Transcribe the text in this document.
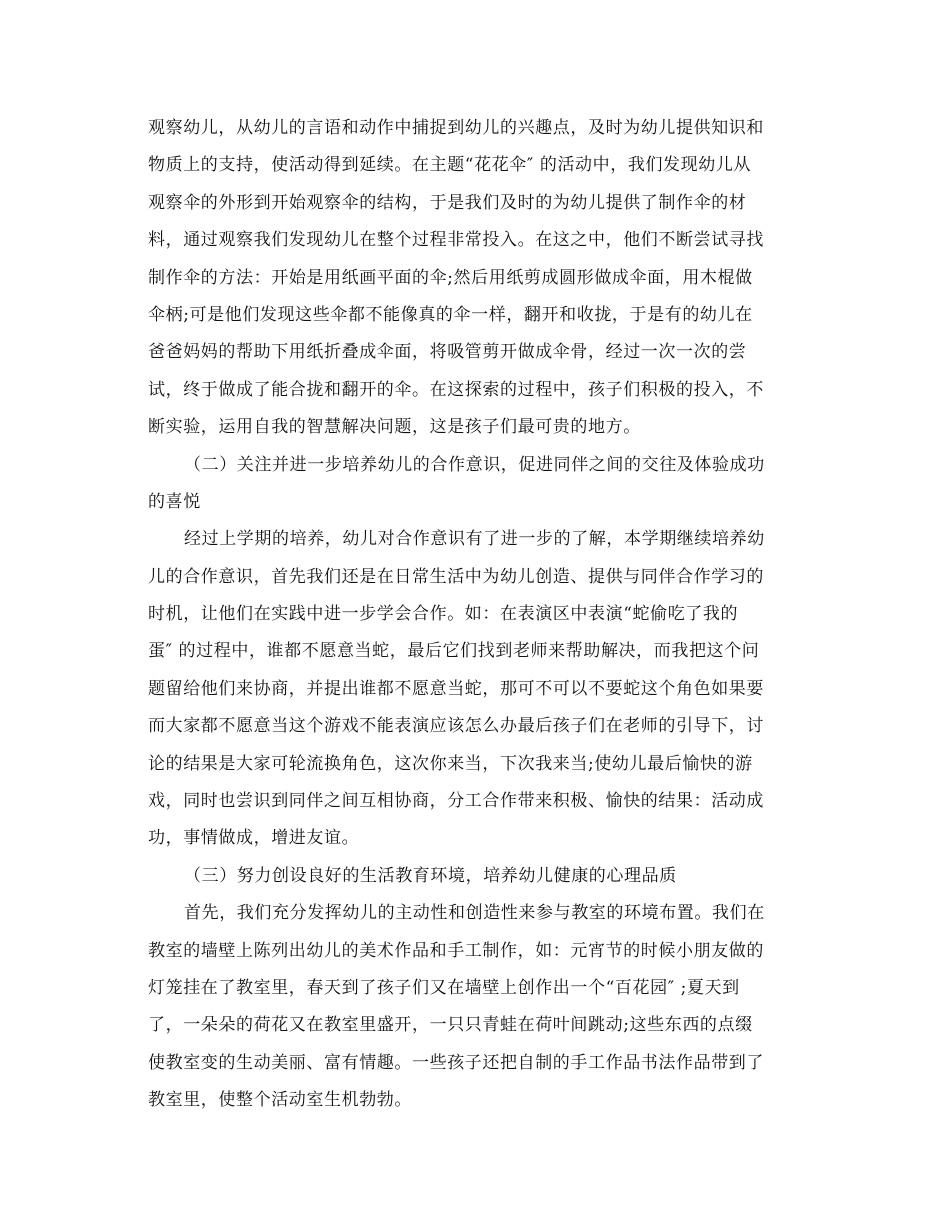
观察幼儿，从幼儿的言语和动作中捕捉到幼儿的兴趣点，及时为幼儿提供知识和
物质上的支持，使活动得到延续。在主题“花花伞″ 的活动中，我们发现幼儿从
观察伞的外形到开始观察伞的结构，于是我们及时的为幼儿提供了制作伞的材
料，通过观察我们发现幼儿在整个过程非常投入。在这之中，他们不断尝试寻找
制作伞的方法：开始是用纸画平面的伞;然后用纸剪成圆形做成伞面，用木棍做
伞柄;可是他们发现这些伞都不能像真的伞一样，翻开和收拢，于是有的幼儿在
爸爸妈妈的帮助下用纸折叠成伞面，将吸管剪开做成伞骨，经过一次一次的尝
试，终于做成了能合拢和翻开的伞。在这探索的过程中，孩子们积极的投入，不
断实验，运用自我的智慧解决问题，这是孩子们最可贵的地方。
（二）关注并进一步培养幼儿的合作意识，促进同伴之间的交往及体验成功
的喜悦
经过上学期的培养，幼儿对合作意识有了进一步的了解，本学期继续培养幼
儿的合作意识，首先我们还是在日常生活中为幼儿创造、提供与同伴合作学习的
时机，让他们在实践中进一步学会合作。如：在表演区中表演“蛇偷吃了我的
蛋″ 的过程中，谁都不愿意当蛇，最后它们找到老师来帮助解决，而我把这个问
题留给他们来协商，并提出谁都不愿意当蛇，那可不可以不要蛇这个角色如果要
而大家都不愿意当这个游戏不能表演应该怎么办最后孩子们在老师的引导下，讨
论的结果是大家可轮流换角色，这次你来当，下次我来当;使幼儿最后愉快的游
戏，同时也尝识到同伴之间互相协商，分工合作带来积极、愉快的结果：活动成
功，事情做成，增进友谊。
（三）努力创设良好的生活教育环境，培养幼儿健康的心理品质
首先，我们充分发挥幼儿的主动性和创造性来参与教室的环境布置。我们在
教室的墙壁上陈列出幼儿的美术作品和手工制作，如：元宵节的时候小朋友做的
灯笼挂在了教室里，春天到了孩子们又在墙壁上创作出一个“百花园″ ;夏天到
了，一朵朵的荷花又在教室里盛开，一只只青蛙在荷叶间跳动;这些东西的点缀
使教室变的生动美丽、富有情趣。一些孩子还把自制的手工作品书法作品带到了
教室里，使整个活动室生机勃勃。
